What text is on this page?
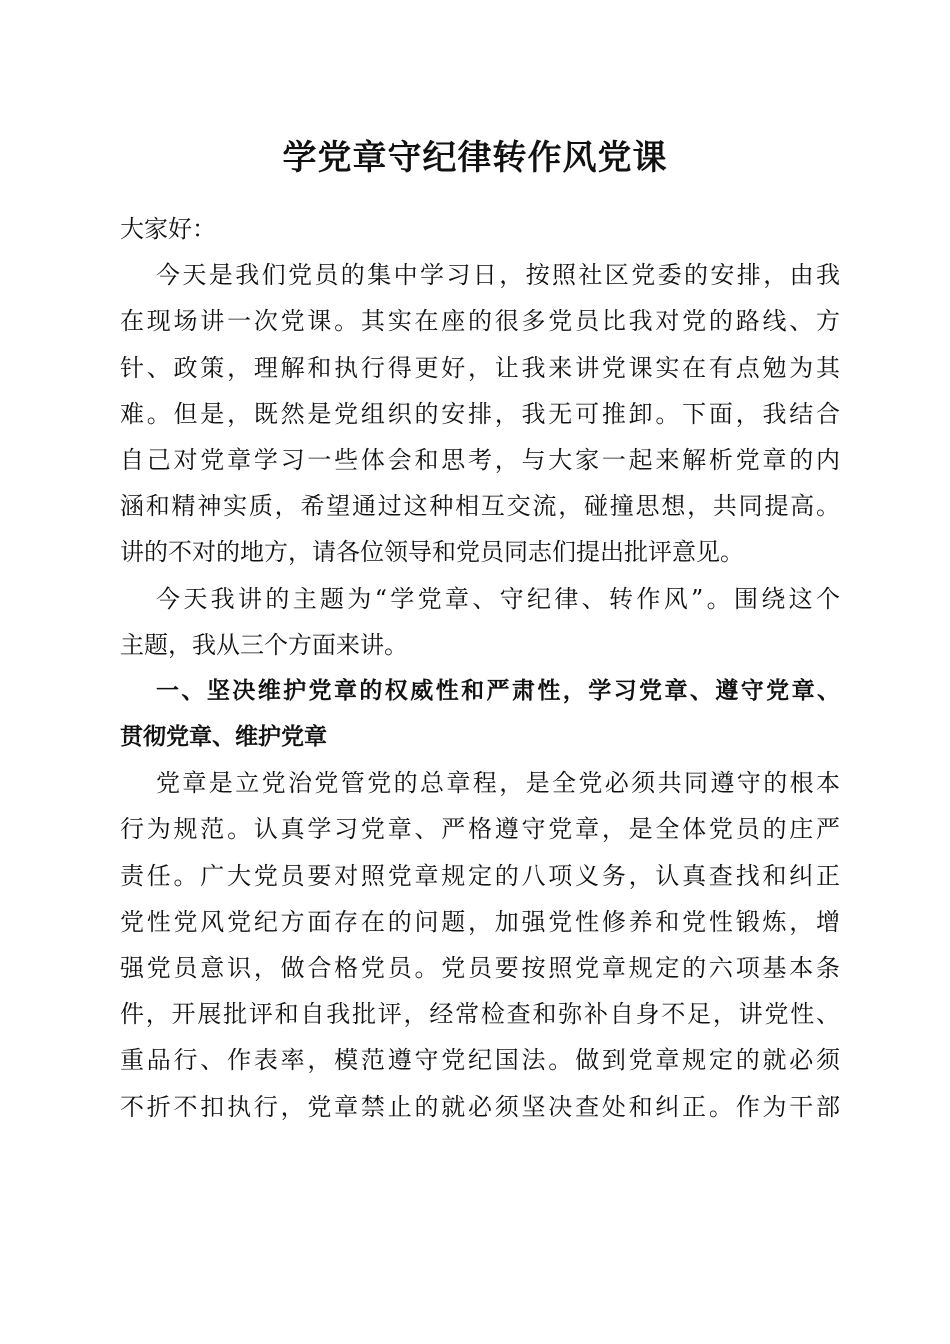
学党章守纪律转作风党课
大家好：
今天是我们党员的集中学习日，按照社区党委的安排，由我
在现场讲一次党课。其实在座的很多党员比我对党的路线、方
针、政策，理解和执行得更好，让我来讲党课实在有点勉为其
难。但是，既然是党组织的安排，我无可推卸。下面，我结合
自己对党章学习一些体会和思考，与大家一起来解析党章的内
涵和精神实质，希望通过这种相互交流，碰撞思想，共同提高。
讲的不对的地方，请各位领导和党员同志们提出批评意见。
今天我讲的主题为“学党章、守纪律、转作风”。围绕这个
主题，我从三个方面来讲。
一、坚决维护党章的权威性和严肃性，学习党章、遵守党章、
贯彻党章、维护党章
党章是立党治党管党的总章程，是全党必须共同遵守的根本
行为规范。认真学习党章、严格遵守党章，是全体党员的庄严
责任。广大党员要对照党章规定的八项义务，认真查找和纠正
党性党风党纪方面存在的问题，加强党性修养和党性锻炼，增
强党员意识，做合格党员。党员要按照党章规定的六项基本条
件，开展批评和自我批评，经常检查和弥补自身不足，讲党性、
重品行、作表率，模范遵守党纪国法。做到党章规定的就必须
不折不扣执行，党章禁止的就必须坚决查处和纠正。作为干部
